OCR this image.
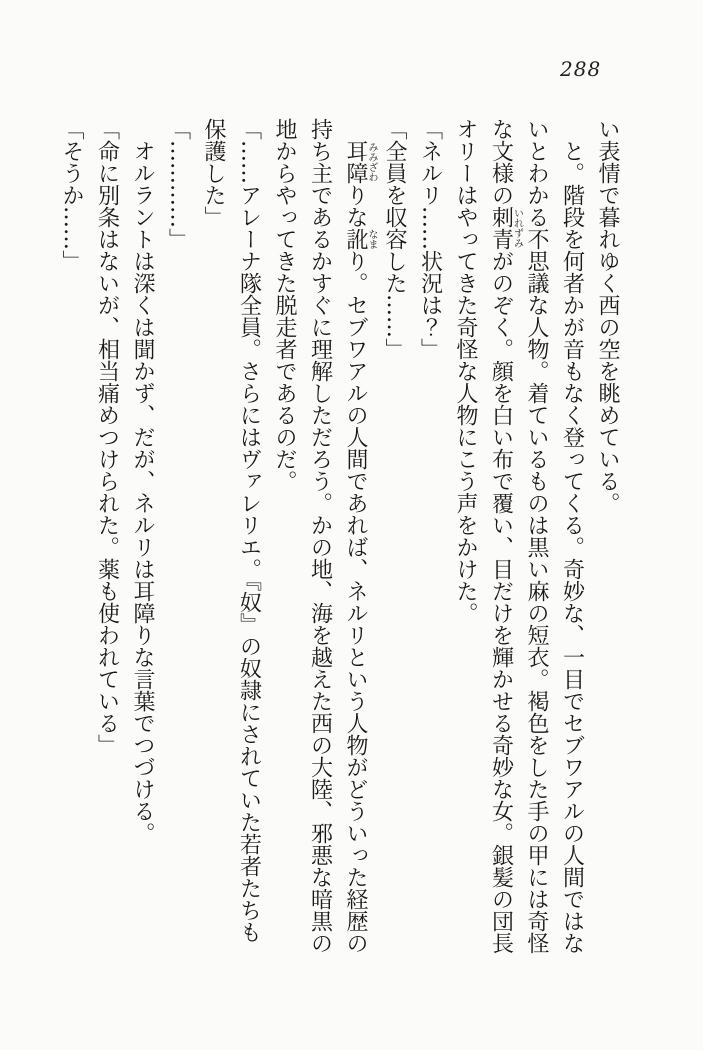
288

い表情で暮れゆく西の空を眺めている。

と。階段を何者かが音もなく登ってくる。奇妙な、一目でセブワアルの人間ではないとわかる不思議な人物。着ているものは黒い麻の短衣。褐色をした手の甲には奇怪な文様の刺青いれずみがのぞく。顔を白い布で覆い、目だけを輝かせる奇妙な女。銀髪の団長オリーはやってきた奇怪な人物にこう声をかけた。

「ネルリ……状況は？」

「全員を収容した……」

耳障みみざわりな訛なまり。セブワアルの人間であれば、ネルリという人物がどういった経歴の持ち主であるかすぐに理解しただろう。かの地、海を越えた西の大陸、邪悪な暗黒の地からやってきた脱走者であるのだ。

「……アレーナ隊全員。さらにはヴァレリエ。『奴』の奴隷にされていた若者たちも保護した」

「…………」

オルラントは深くは聞かず、だが、ネルリは耳障りな言葉でつづける。

「命に別条はないが、相当痛めつけられた。薬も使われている」

「そうか……」
